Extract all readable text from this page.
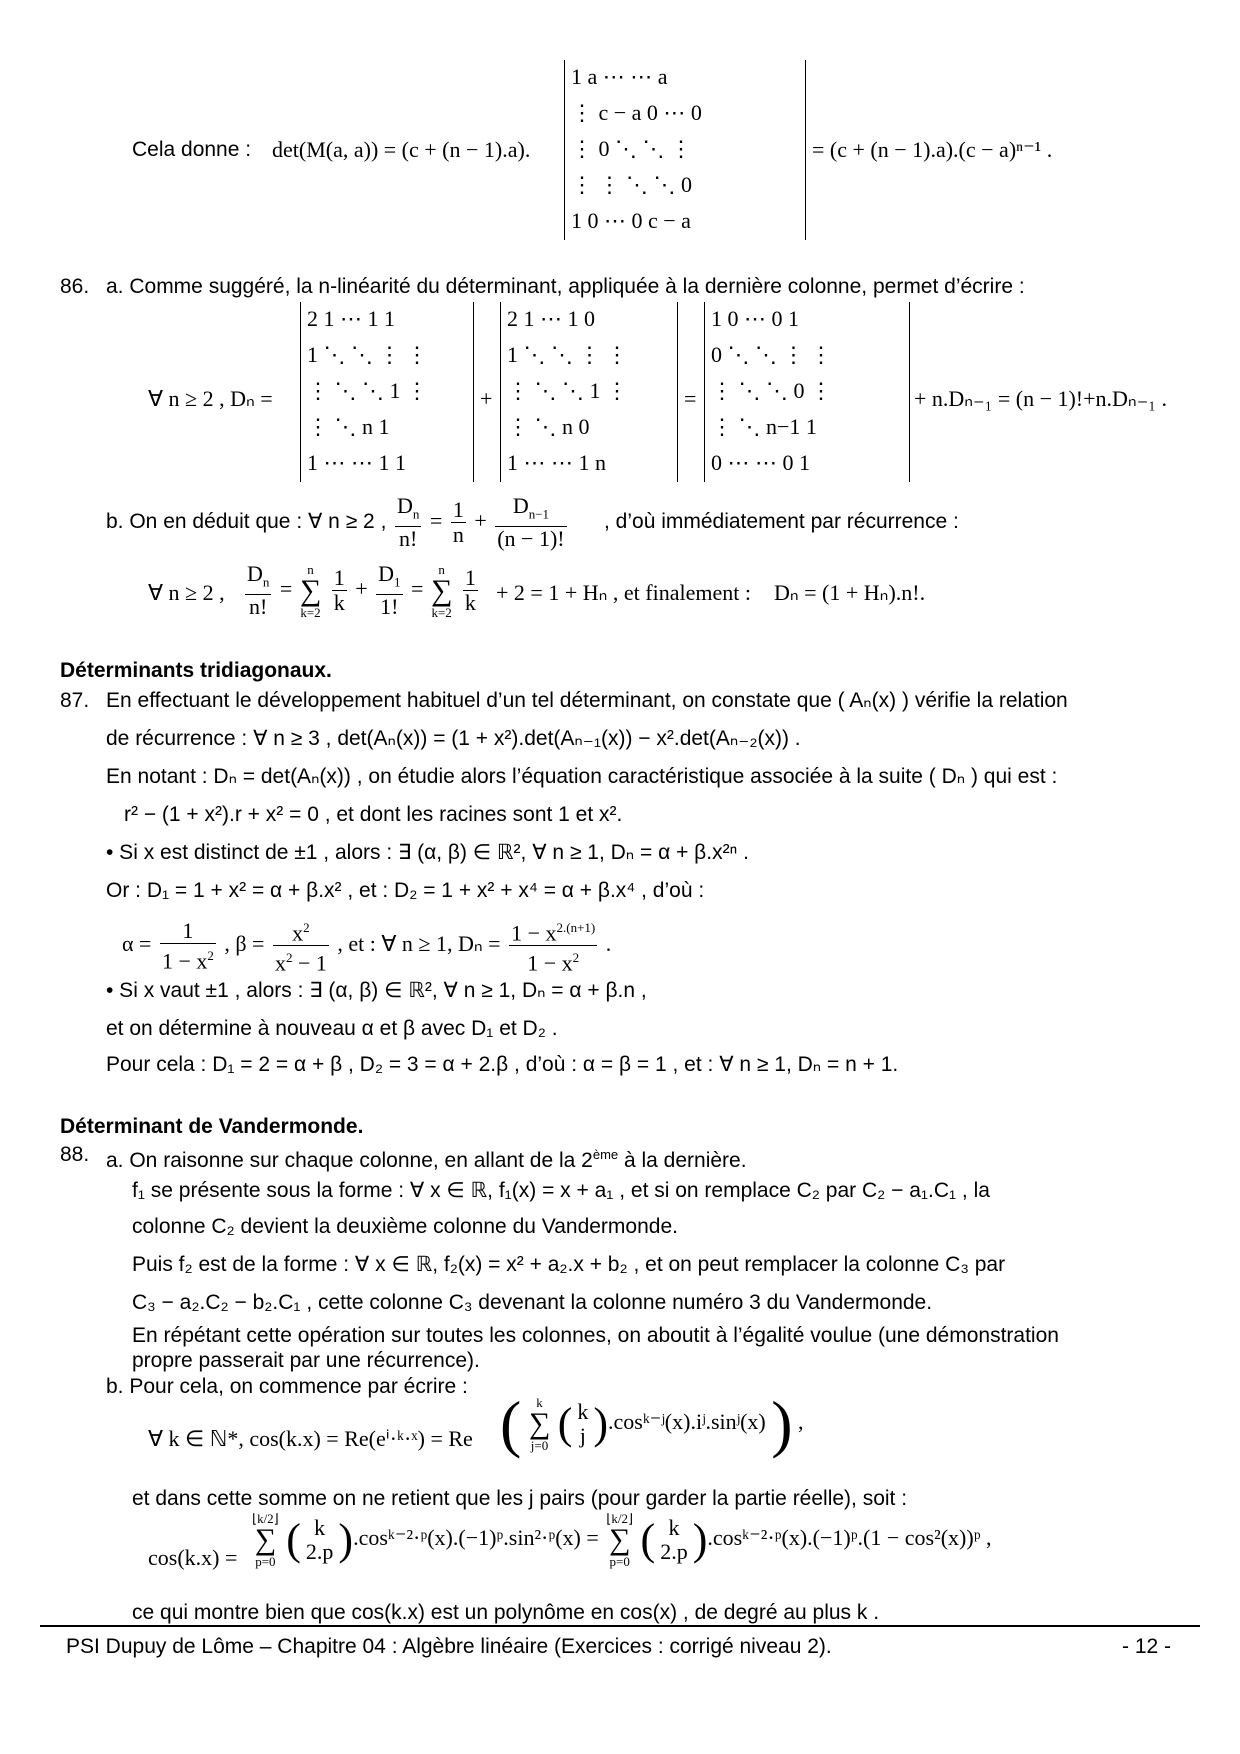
Cela donne : det(M(a, a)) = (c + (n − 1).a).
1 a ⋯ ⋯ a
⋮ c − a 0 ⋯ 0
⋮ 0 ⋱ ⋱ ⋮
⋮ ⋮ ⋱ ⋱ 0
1 0 ⋯ 0 c − a
= (c + (n − 1).a).(c − a)ⁿ⁻¹ .
86. a. Comme suggéré, la n-linéarité du déterminant, appliquée à la dernière colonne, permet d’écrire :
∀ n ≥ 2 , Dₙ =
2 1 ⋯ 1 1
1 ⋱ ⋱ ⋮ ⋮
⋮ ⋱ ⋱ 1 ⋮
⋮ ⋱ n 1
1 ⋯ ⋯ 1 1
+
2 1 ⋯ 1 0
1 ⋱ ⋱ ⋮ ⋮
⋮ ⋱ ⋱ 1 ⋮
⋮ ⋱ n 0
1 ⋯ ⋯ 1 n
=
1 0 ⋯ 0 1
0 ⋱ ⋱ ⋮ ⋮
⋮ ⋱ ⋱ 0 ⋮
⋮ ⋱ n−1 1
0 ⋯ ⋯ 0 1
+ n.Dₙ₋₁ = (n − 1)!+n.Dₙ₋₁ .
b. On en déduit que : ∀ n ≥ 2 , $\frac{D_n}{n!} = \frac{1}{n} + \frac{D_{n-1}}{(n - 1)!}$ , d’où immédiatement par récurrence :
∀ n ≥ 2 , $\frac{D_n}{n!} = n$
∑
$k=2 \frac{1}{k} + \frac{D_1}{1!} = n$
∑
$k=2 \frac{1}{k} + 2 = 1 + H_n$ , et finalement : Dₙ = (1 + Hₙ).n!.
Déterminants tridiagonaux.
87. En effectuant le développement habituel d’un tel déterminant, on constate que ( Aₙ(x) ) vérifie la relation
de récurrence : ∀ n ≥ 3 , det(Aₙ(x)) = (1 + x²).det(Aₙ₋₁(x)) − x².det(Aₙ₋₂(x)) .
En notant : Dₙ = det(Aₙ(x)) , on étudie alors l’équation caractéristique associée à la suite ( Dₙ ) qui est :
r² − (1 + x²).r + x² = 0 , et dont les racines sont 1 et x².
• Si x est distinct de ±1 , alors : ∃ (α, β) ∈ ℝ², ∀ n ≥ 1, Dₙ = α + β.x²ⁿ .
Or : D₁ = 1 + x² = α + β.x² , et : D₂ = 1 + x² + x⁴ = α + β.x⁴ , d’où :
$\alpha = \frac{1}{1 - x^2}$ , $\beta = \frac{x^2}{x^2 - 1}$ , et : ∀ n ≥ 1, $D_n = \frac{1 - x^{2.(n+1)}}{1 - x^2}$ .
• Si x vaut ±1 , alors : ∃ (α, β) ∈ ℝ², ∀ n ≥ 1, Dₙ = α + β.n ,
et on détermine à nouveau α et β avec D₁ et D₂ .
Pour cela : D₁ = 2 = α + β , D₂ = 3 = α + 2.β , d’où : α = β = 1 , et : ∀ n ≥ 1, Dₙ = n + 1.
Déterminant de Vandermonde.
88. a. On raisonne sur chaque colonne, en allant de la 2ème à la dernière.
f₁ se présente sous la forme : ∀ x ∈ ℝ, f₁(x) = x + a₁ , et si on remplace C₂ par C₂ − a₁.C₁ , la
colonne C₂ devient la deuxième colonne du Vandermonde.
Puis f₂ est de la forme : ∀ x ∈ ℝ, f₂(x) = x² + a₂.x + b₂ , et on peut remplacer la colonne C₃ par
C₃ − a₂.C₂ − b₂.C₁ , cette colonne C₃ devenant la colonne numéro 3 du Vandermonde.
En répétant cette opération sur toutes les colonnes, on aboutit à l’égalité voulue (une démonstration
propre passerait par une récurrence).
b. Pour cela, on commence par écrire :
∀ k ∈ ℕ*, cos(k.x) = Re(eⁱ·ᵏ·ˣ) = Re ( k
∑
j=0 ( k
j ).cosᵏ⁻ʲ(x).iʲ.sinʲ(x) ) ,
et dans cette somme on ne retient que les j pairs (pour garder la partie réelle), soit :
cos(k.x) =
⌊k/2⌋
∑
p=0 ( k
2.p ).cosᵏ⁻²·ᵖ(x).(−1)ᵖ.sin²·ᵖ(x) = ⌊k/2⌋
∑
p=0 ( k
2.p ).cosᵏ⁻²·ᵖ(x).(−1)ᵖ.(1 − cos²(x))ᵖ ,
ce qui montre bien que cos(k.x) est un polynôme en cos(x) , de degré au plus k .
PSI Dupuy de Lôme – Chapitre 04 : Algèbre linéaire (Exercices : corrigé niveau 2).	- 12 -
